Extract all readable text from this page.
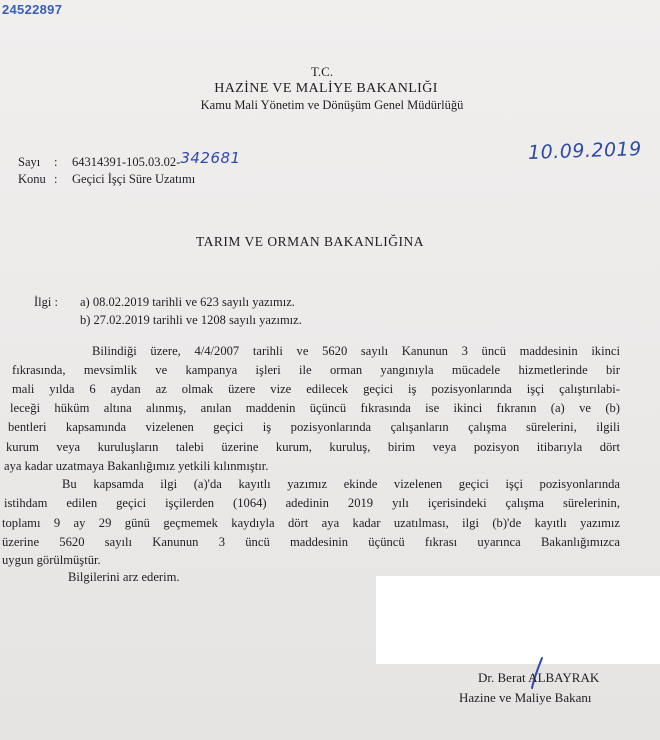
24522897
T.C.
HAZİNE VE MALİYE BAKANLIĞI
Kamu Mali Yönetim ve Dönüşüm Genel Müdürlüğü
Sayı : 64314391-105.03.02-342681
Konu : Geçici İşçi Süre Uzatımı
10.09.2019
TARIM VE ORMAN BAKANLIĞINA
İlgi : a) 08.02.2019 tarihli ve 623 sayılı yazımız.
b) 27.02.2019 tarihli ve 1208 sayılı yazımız.
Bilindiği üzere, 4/4/2007 tarihli ve 5620 sayılı Kanunun 3 üncü maddesinin ikinci
fıkrasında, mevsimlik ve kampanya işleri ile orman yangınıyla mücadele hizmetlerinde bir
mali yılda 6 aydan az olmak üzere vize edilecek geçici iş pozisyonlarında işçi çalıştırılabi-
leceği hüküm altına alınmış, anılan maddenin üçüncü fıkrasında ise ikinci fıkranın (a) ve (b)
bentleri kapsamında vizelenen geçici iş pozisyonlarında çalışanların çalışma sürelerini, ilgili
kurum veya kuruluşların talebi üzerine kurum, kuruluş, birim veya pozisyon itibarıyla dört
aya kadar uzatmaya Bakanlığımız yetkili kılınmıştır.
Bu kapsamda ilgi (a)'da kayıtlı yazımız ekinde vizelenen geçici işçi pozisyonlarında
istihdam edilen geçici işçilerden (1064) adedinin 2019 yılı içerisindeki çalışma sürelerinin,
toplamı 9 ay 29 günü geçmemek kaydıyla dört aya kadar uzatılması, ilgi (b)'de kayıtlı yazımız
üzerine 5620 sayılı Kanunun 3 üncü maddesinin üçüncü fıkrası uyarınca Bakanlığımızca
uygun görülmüştür.
Bilgilerini arz ederim.
Dr. Berat ALBAYRAK
Hazine ve Maliye Bakanı
